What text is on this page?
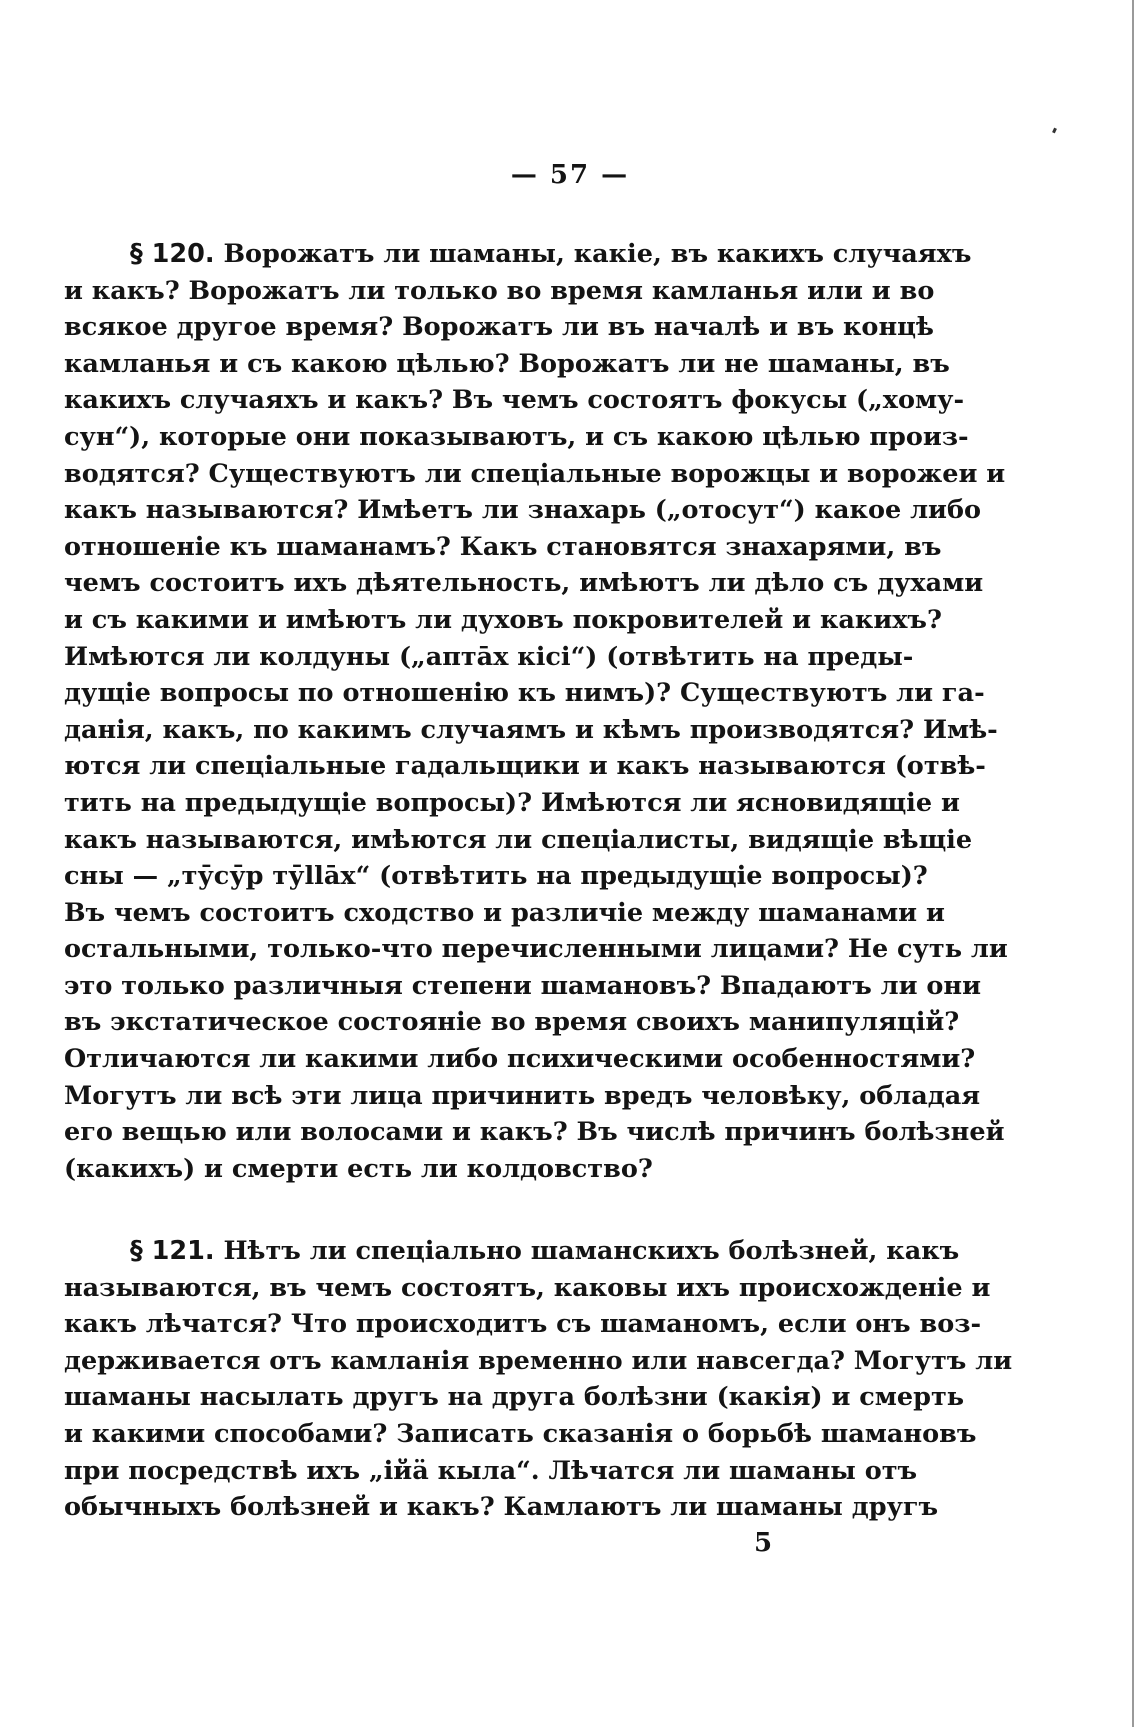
— 57 —
§ 120. Ворожатъ ли шаманы, какіе, въ какихъ случаяхъ
и какъ? Ворожатъ ли только во время камланья или и во
всякое другое время? Ворожатъ ли въ началѣ и въ концѣ
камланья и съ какою цѣлью? Ворожатъ ли не шаманы, въ
какихъ случаяхъ и какъ? Въ чемъ состоятъ фокусы („хому-
сун“), которые они показываютъ, и съ какою цѣлью произ-
водятся? Существуютъ ли спеціальные ворожцы и ворожеи и
какъ называются? Имѣетъ ли знахарь („отосут“) какое либо
отношеніе къ шаманамъ? Какъ становятся знахарями, въ
чемъ состоитъ ихъ дѣятельность, имѣютъ ли дѣло съ духами
и съ какими и имѣютъ ли духовъ покровителей и какихъ?
Имѣются ли колдуны („аптāх кісі“) (отвѣтить на преды-
дущіе вопросы по отношенію къ нимъ)? Существуютъ ли га-
данія, какъ, по какимъ случаямъ и кѣмъ производятся? Имѣ-
ются ли спеціальные гадальщики и какъ называются (отвѣ-
тить на предыдущіе вопросы)? Имѣются ли ясновидящіе и
какъ называются, имѣются ли спеціалисты, видящіе вѣщіе
сны — „тӯсӯр тӯllāх“ (отвѣтить на предыдущіе вопросы)?
Въ чемъ состоитъ сходство и различіе между шаманами и
остальными, только-что перечисленными лицами? Не суть ли
это только различныя степени шамановъ? Впадаютъ ли они
въ экстатическое состояніе во время своихъ манипуляцій?
Отличаются ли какими либо психическими особенностями?
Могутъ ли всѣ эти лица причинить вредъ человѣку, обладая
его вещью или волосами и какъ? Въ числѣ причинъ болѣзней
(какихъ) и смерти есть ли колдовство?
§ 121. Нѣтъ ли спеціально шаманскихъ болѣзней, какъ
называются, въ чемъ состоятъ, каковы ихъ происхожденіе и
какъ лѣчатся? Что происходитъ съ шаманомъ, если онъ воз-
держивается отъ камланія временно или навсегда? Могутъ ли
шаманы насылать другъ на друга болѣзни (какія) и смерть
и какими способами? Записать сказанія о борьбѣ шамановъ
при посредствѣ ихъ „ійä кыла“. Лѣчатся ли шаманы отъ
обычныхъ болѣзней и какъ? Камлаютъ ли шаманы другъ
5
